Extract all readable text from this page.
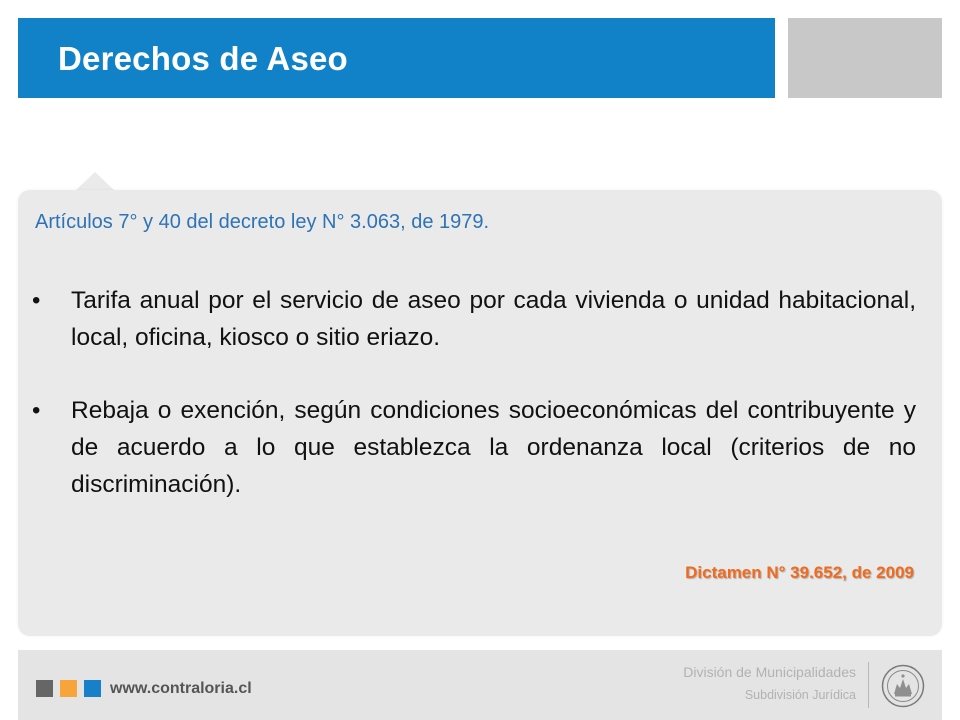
Derechos de Aseo
Artículos 7° y 40 del decreto ley N° 3.063, de 1979.
• Tarifa anual por el servicio de aseo por cada vivienda o unidad habitacional, local, oficina, kiosco o sitio eriazo.
• Rebaja o exención, según condiciones socioeconómicas del contribuyente y de acuerdo a lo que establezca la ordenanza local (criterios de no discriminación).
Dictamen N° 39.652, de 2009
www.contraloria.cl
División de Municipalidades
Subdivisión Jurídica
